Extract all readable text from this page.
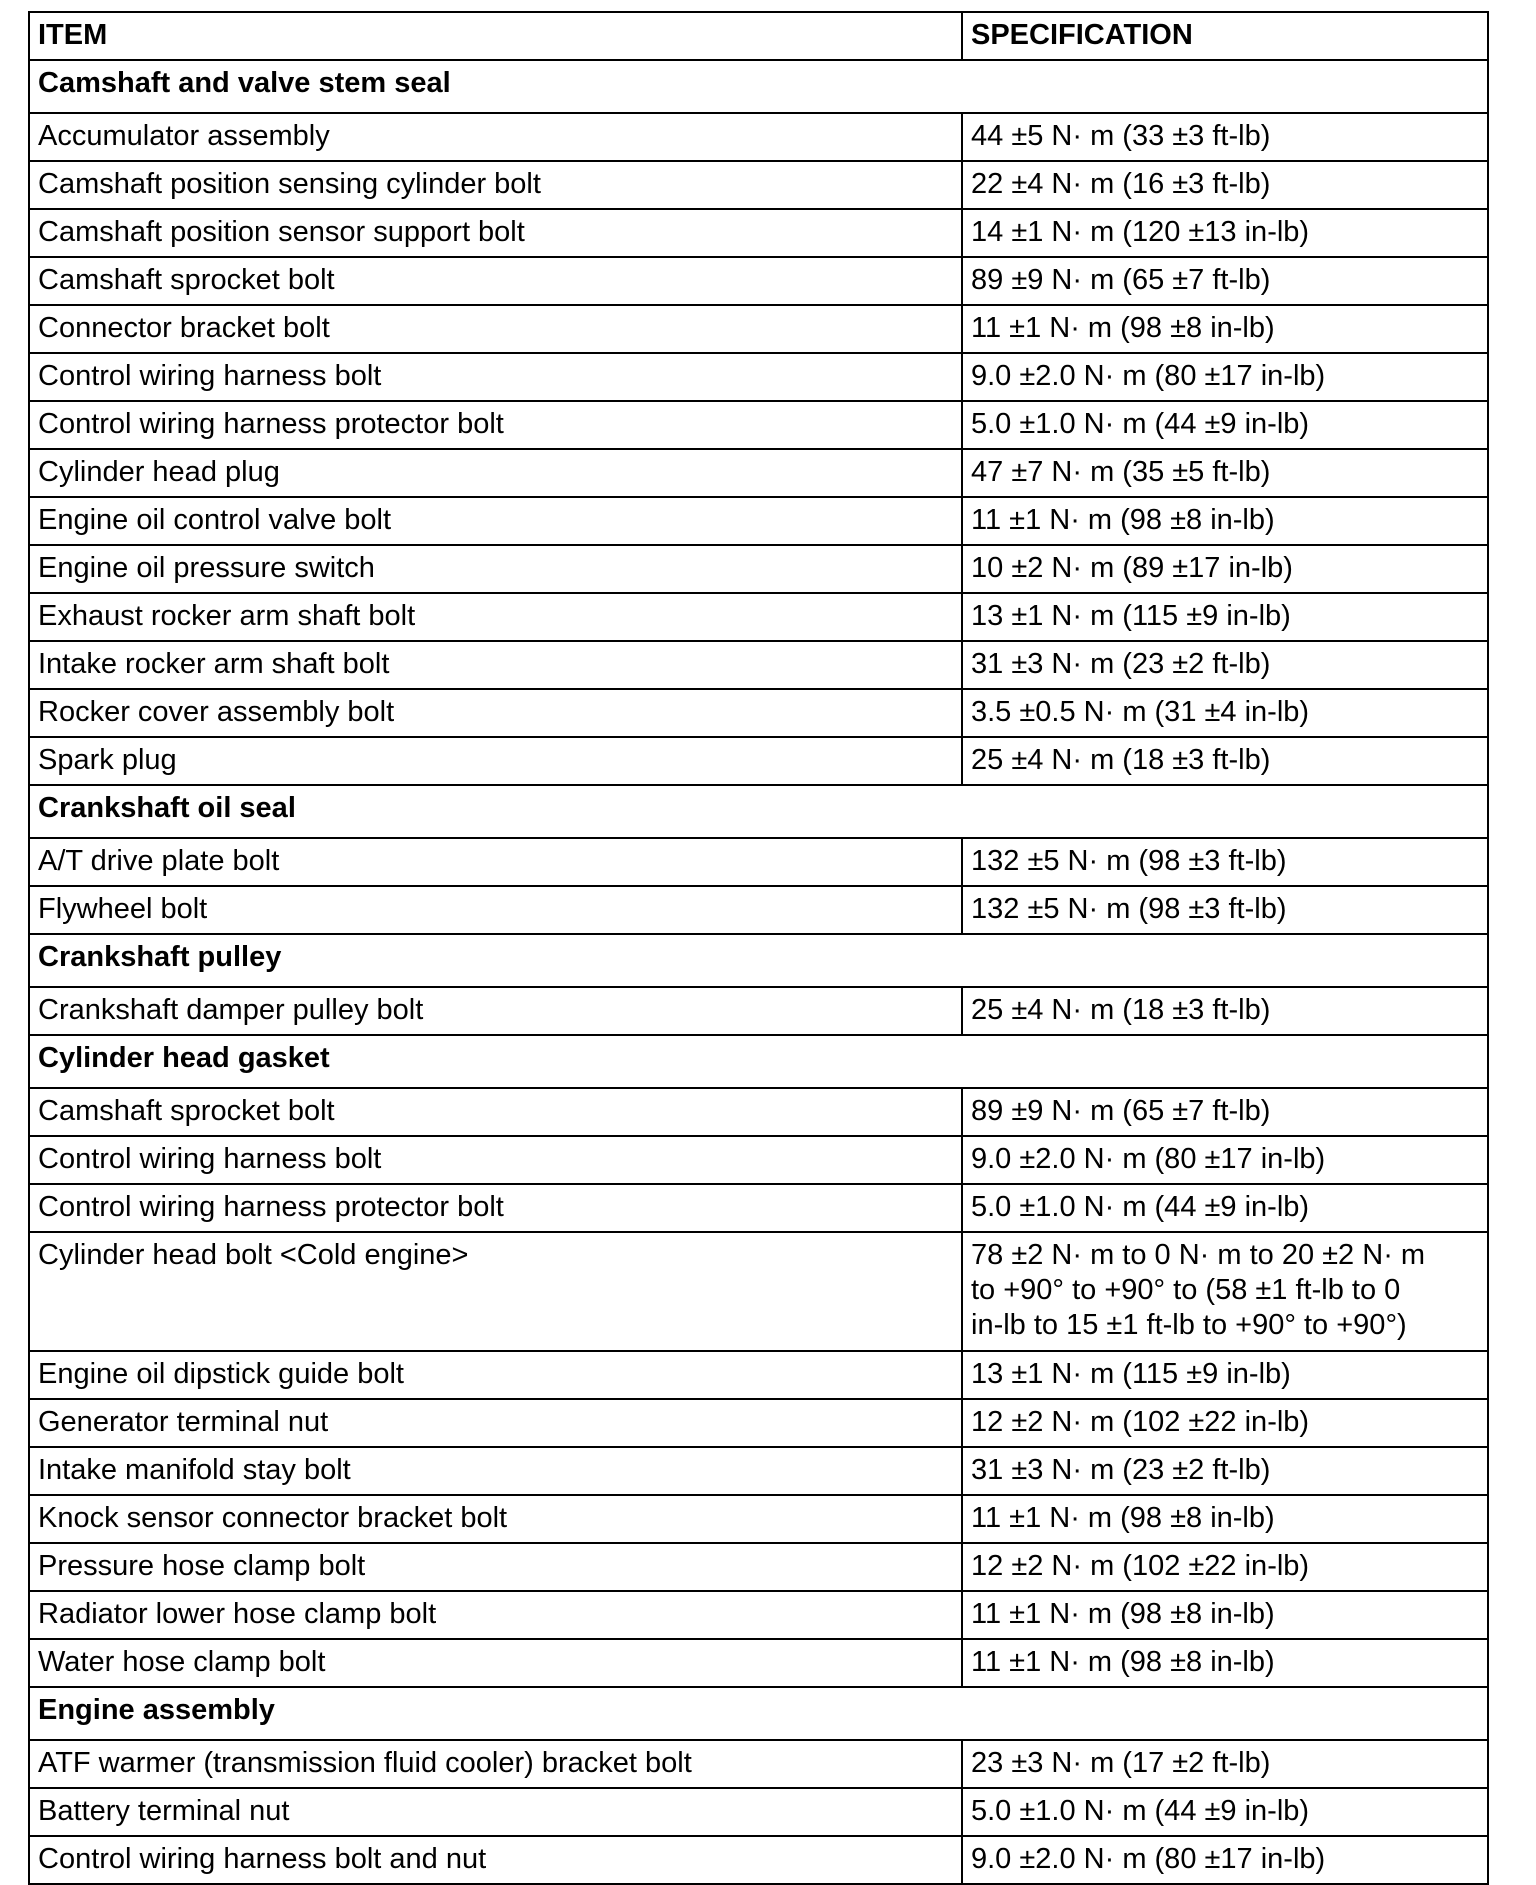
ITEM	SPECIFICATION
Camshaft and valve stem seal	
Accumulator assembly	44 ±5 N· m (33 ±3 ft-lb)
Camshaft position sensing cylinder bolt	22 ±4 N· m (16 ±3 ft-lb)
Camshaft position sensor support bolt	14 ±1 N· m (120 ±13 in-lb)
Camshaft sprocket bolt	89 ±9 N· m (65 ±7 ft-lb)
Connector bracket bolt	11 ±1 N· m (98 ±8 in-lb)
Control wiring harness bolt	9.0 ±2.0 N· m (80 ±17 in-lb)
Control wiring harness protector bolt	5.0 ±1.0 N· m (44 ±9 in-lb)
Cylinder head plug	47 ±7 N· m (35 ±5 ft-lb)
Engine oil control valve bolt	11 ±1 N· m (98 ±8 in-lb)
Engine oil pressure switch	10 ±2 N· m (89 ±17 in-lb)
Exhaust rocker arm shaft bolt	13 ±1 N· m (115 ±9 in-lb)
Intake rocker arm shaft bolt	31 ±3 N· m (23 ±2 ft-lb)
Rocker cover assembly bolt	3.5 ±0.5 N· m (31 ±4 in-lb)
Spark plug	25 ±4 N· m (18 ±3 ft-lb)
Crankshaft oil seal	
A/T drive plate bolt	132 ±5 N· m (98 ±3 ft-lb)
Flywheel bolt	132 ±5 N· m (98 ±3 ft-lb)
Crankshaft pulley	
Crankshaft damper pulley bolt	25 ±4 N· m (18 ±3 ft-lb)
Cylinder head gasket	
Camshaft sprocket bolt	89 ±9 N· m (65 ±7 ft-lb)
Control wiring harness bolt	9.0 ±2.0 N· m (80 ±17 in-lb)
Control wiring harness protector bolt	5.0 ±1.0 N· m (44 ±9 in-lb)
Cylinder head bolt <Cold engine>	78 ±2 N· m to 0 N· m to 20 ±2 N· m
to +90° to +90° to (58 ±1 ft-lb to 0
in-lb to 15 ±1 ft-lb to +90° to +90°)
Engine oil dipstick guide bolt	13 ±1 N· m (115 ±9 in-lb)
Generator terminal nut	12 ±2 N· m (102 ±22 in-lb)
Intake manifold stay bolt	31 ±3 N· m (23 ±2 ft-lb)
Knock sensor connector bracket bolt	11 ±1 N· m (98 ±8 in-lb)
Pressure hose clamp bolt	12 ±2 N· m (102 ±22 in-lb)
Radiator lower hose clamp bolt	11 ±1 N· m (98 ±8 in-lb)
Water hose clamp bolt	11 ±1 N· m (98 ±8 in-lb)
Engine assembly	
ATF warmer (transmission fluid cooler) bracket bolt	23 ±3 N· m (17 ±2 ft-lb)
Battery terminal nut	5.0 ±1.0 N· m (44 ±9 in-lb)
Control wiring harness bolt and nut	9.0 ±2.0 N· m (80 ±17 in-lb)
